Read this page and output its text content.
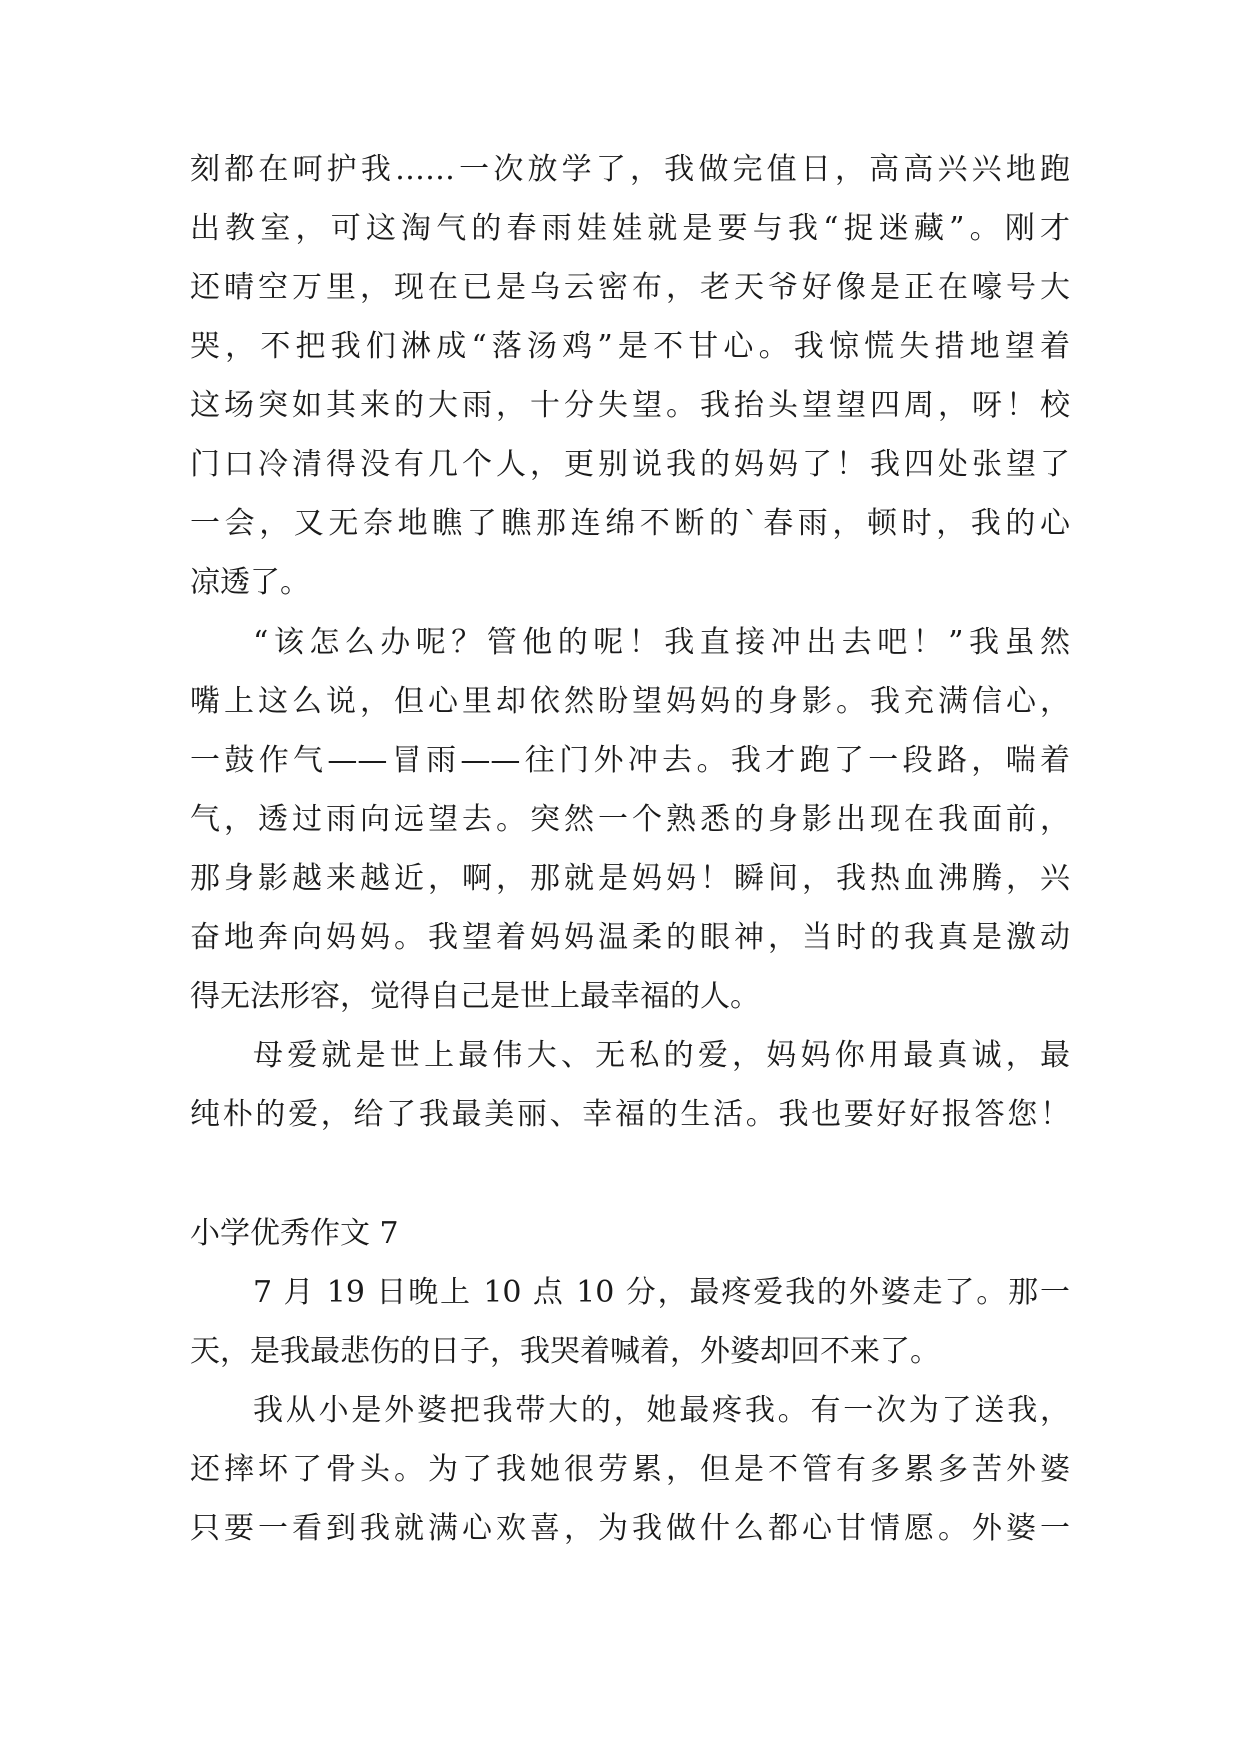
刻都在呵护我……一次放学了，我做完值日，高高兴兴地跑
出教室，可这淘气的春雨娃娃就是要与我“捉迷藏”。刚才
还晴空万里，现在已是乌云密布，老天爷好像是正在嚎号大
哭，不把我们淋成“落汤鸡”是不甘心。我惊慌失措地望着
这场突如其来的大雨，十分失望。我抬头望望四周，呀！校
门口冷清得没有几个人，更别说我的妈妈了！我四处张望了
一会，又无奈地瞧了瞧那连绵不断的`春雨，顿时，我的心
凉透了。
“该怎么办呢？管他的呢！我直接冲出去吧！”我虽然
嘴上这么说，但心里却依然盼望妈妈的身影。我充满信心，
一鼓作气——冒雨——往门外冲去。我才跑了一段路，喘着
气，透过雨向远望去。突然一个熟悉的身影出现在我面前，
那身影越来越近，啊，那就是妈妈！瞬间，我热血沸腾，兴
奋地奔向妈妈。我望着妈妈温柔的眼神，当时的我真是激动
得无法形容，觉得自己是世上最幸福的人。
母爱就是世上最伟大、无私的爱，妈妈你用最真诚，最
纯朴的爱，给了我最美丽、幸福的生活。我也要好好报答您！
小学优秀作文 7
7 月 19 日晚上 10 点 10 分，最疼爱我的外婆走了。那一
天，是我最悲伤的日子，我哭着喊着，外婆却回不来了。
我从小是外婆把我带大的，她最疼我。有一次为了送我，
还摔坏了骨头。为了我她很劳累，但是不管有多累多苦外婆
只要一看到我就满心欢喜，为我做什么都心甘情愿。外婆一
